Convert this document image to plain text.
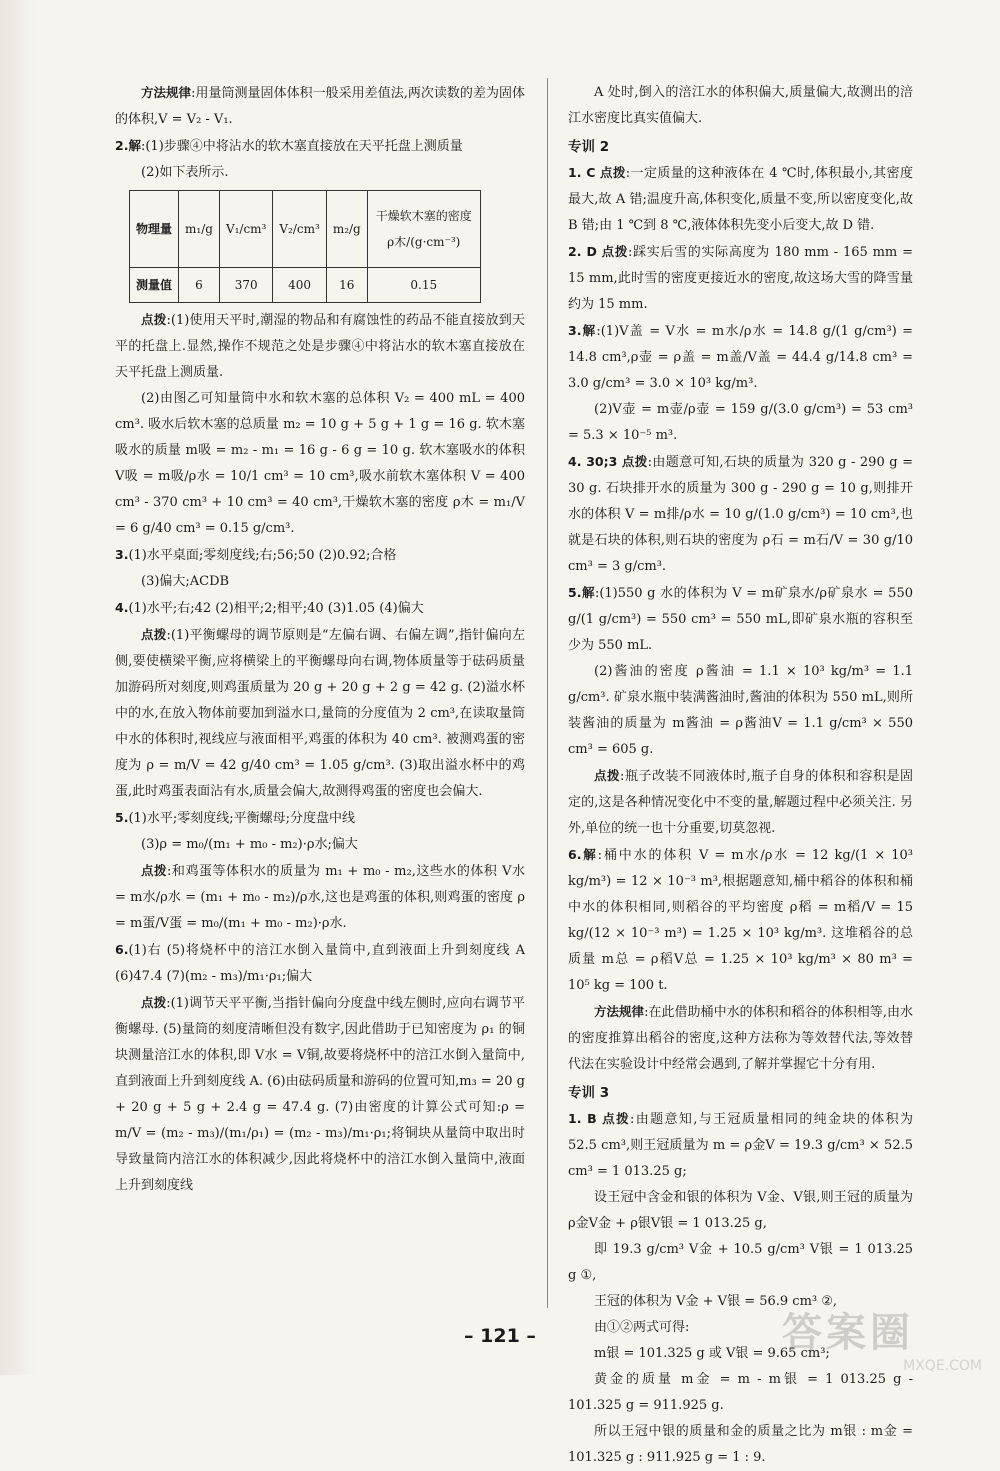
方法规律:用量筒测量固体体积一般采用差值法,两次读数的差为固体的体积,V = V₂ - V₁.

2.解:(1)步骤④中将沾水的软木塞直接放在天平托盘上测质量

(2)如下表所示.

物理量	m₁/g	V₁/cm³	V₂/cm³	m₂/g	干燥软木塞的密度 ρ木/(g·cm⁻³)
测量值	6	370	400	16	0.15

点拨:(1)使用天平时,潮湿的物品和有腐蚀性的药品不能直接放到天平的托盘上.显然,操作不规范之处是步骤④中将沾水的软木塞直接放在天平托盘上测质量.

(2)由图乙可知量筒中水和软木塞的总体积 V₂ = 400 mL = 400 cm³. 吸水后软木塞的总质量 m₂ = 10 g + 5 g + 1 g = 16 g. 软木塞吸水的质量 m吸 = m₂ - m₁ = 16 g - 6 g = 10 g. 软木塞吸水的体积 V吸 = m吸/ρ水 = 10/1 cm³ = 10 cm³,吸水前软木塞体积 V = 400 cm³ - 370 cm³ + 10 cm³ = 40 cm³,干燥软木塞的密度 ρ木 = m₁/V = 6 g/40 cm³ = 0.15 g/cm³.

3.(1)水平桌面;零刻度线;右;56;50 (2)0.92;合格

(3)偏大;ACDB

4.(1)水平;右;42 (2)相平;2;相平;40 (3)1.05 (4)偏大

点拨:(1)平衡螺母的调节原则是“左偏右调、右偏左调”,指针偏向左侧,要使横梁平衡,应将横梁上的平衡螺母向右调,物体质量等于砝码质量加游码所对刻度,则鸡蛋质量为 20 g + 20 g + 2 g = 42 g. (2)溢水杯中的水,在放入物体前要加到溢水口,量筒的分度值为 2 cm³,在读取量筒中水的体积时,视线应与液面相平,鸡蛋的体积为 40 cm³. 被测鸡蛋的密度为 ρ = m/V = 42 g/40 cm³ = 1.05 g/cm³. (3)取出溢水杯中的鸡蛋,此时鸡蛋表面沾有水,质量会偏大,故测得鸡蛋的密度也会偏大.

5.(1)水平;零刻度线;平衡螺母;分度盘中线

(3)ρ = m₀/(m₁ + m₀ - m₂)·ρ水;偏大

点拨:和鸡蛋等体积水的质量为 m₁ + m₀ - m₂,这些水的体积 V水 = m水/ρ水 = (m₁ + m₀ - m₂)/ρ水,这也是鸡蛋的体积,则鸡蛋的密度 ρ = m蛋/V蛋 = m₀/(m₁ + m₀ - m₂)·ρ水.

6.(1)右 (5)将烧杯中的涪江水倒入量筒中,直到液面上升到刻度线 A (6)47.4 (7)(m₂ - m₃)/m₁·ρ₁;偏大

点拨:(1)调节天平平衡,当指针偏向分度盘中线左侧时,应向右调节平衡螺母. (5)量筒的刻度清晰但没有数字,因此借助于已知密度为 ρ₁ 的铜块测量涪江水的体积,即 V水 = V铜,故要将烧杯中的涪江水倒入量筒中,直到液面上升到刻度线 A. (6)由砝码质量和游码的位置可知,m₃ = 20 g + 20 g + 5 g + 2.4 g = 47.4 g. (7)由密度的计算公式可知:ρ = m/V = (m₂ - m₃)/(m₁/ρ₁) = (m₂ - m₃)/m₁·ρ₁;将铜块从量筒中取出时导致量筒内涪江水的体积减少,因此将烧杯中的涪江水倒入量筒中,液面上升到刻度线

A 处时,倒入的涪江水的体积偏大,质量偏大,故测出的涪江水密度比真实值偏大.

专训 2

1. C 点拨:一定质量的这种液体在 4 ℃时,体积最小,其密度最大,故 A 错;温度升高,体积变化,质量不变,所以密度变化,故 B 错;由 1 ℃到 8 ℃,液体体积先变小后变大,故 D 错.

2. D 点拨:踩实后雪的实际高度为 180 mm - 165 mm = 15 mm,此时雪的密度更接近水的密度,故这场大雪的降雪量约为 15 mm.

3.解:(1)V盖 = V水 = m水/ρ水 = 14.8 g/(1 g/cm³) = 14.8 cm³,ρ壶 = ρ盖 = m盖/V盖 = 44.4 g/14.8 cm³ = 3.0 g/cm³ = 3.0 × 10³ kg/m³.

(2)V壶 = m壶/ρ壶 = 159 g/(3.0 g/cm³) = 53 cm³ = 5.3 × 10⁻⁵ m³.

4. 30;3 点拨:由题意可知,石块的质量为 320 g - 290 g = 30 g. 石块排开水的质量为 300 g - 290 g = 10 g,则排开水的体积 V = m排/ρ水 = 10 g/(1.0 g/cm³) = 10 cm³,也就是石块的体积,则石块的密度为 ρ石 = m石/V = 30 g/10 cm³ = 3 g/cm³.

5.解:(1)550 g 水的体积为 V = m矿泉水/ρ矿泉水 = 550 g/(1 g/cm³) = 550 cm³ = 550 mL,即矿泉水瓶的容积至少为 550 mL.

(2)酱油的密度 ρ酱油 = 1.1 × 10³ kg/m³ = 1.1 g/cm³. 矿泉水瓶中装满酱油时,酱油的体积为 550 mL,则所装酱油的质量为 m酱油 = ρ酱油V = 1.1 g/cm³ × 550 cm³ = 605 g.

点拨:瓶子改装不同液体时,瓶子自身的体积和容积是固定的,这是各种情况变化中不变的量,解题过程中必须关注. 另外,单位的统一也十分重要,切莫忽视.

6.解:桶中水的体积 V = m水/ρ水 = 12 kg/(1 × 10³ kg/m³) = 12 × 10⁻³ m³,根据题意知,桶中稻谷的体积和桶中水的体积相同,则稻谷的平均密度 ρ稻 = m稻/V = 15 kg/(12 × 10⁻³ m³) = 1.25 × 10³ kg/m³. 这堆稻谷的总质量 m总 = ρ稻V总 = 1.25 × 10³ kg/m³ × 80 m³ = 10⁵ kg = 100 t.

方法规律:在此借助桶中水的体积和稻谷的体积相等,由水的密度推算出稻谷的密度,这种方法称为等效替代法,等效替代法在实验设计中经常会遇到,了解并掌握它十分有用.

专训 3

1. B 点拨:由题意知,与王冠质量相同的纯金块的体积为 52.5 cm³,则王冠质量为 m = ρ金V = 19.3 g/cm³ × 52.5 cm³ = 1 013.25 g;

设王冠中含金和银的体积为 V金、V银,则王冠的质量为 ρ金V金 + ρ银V银 = 1 013.25 g,

即 19.3 g/cm³ V金 + 10.5 g/cm³ V银 = 1 013.25 g ①,

王冠的体积为 V金 + V银 = 56.9 cm³ ②,

由①②两式可得:

m银 = 101.325 g 或 V银 = 9.65 cm³;

黄金的质量 m金 = m - m银 = 1 013.25 g - 101.325 g = 911.925 g.

所以王冠中银的质量和金的质量之比为 m银 : m金 = 101.325 g : 911.925 g = 1 : 9.

– 121 –	答案圈
MXQE.COM
